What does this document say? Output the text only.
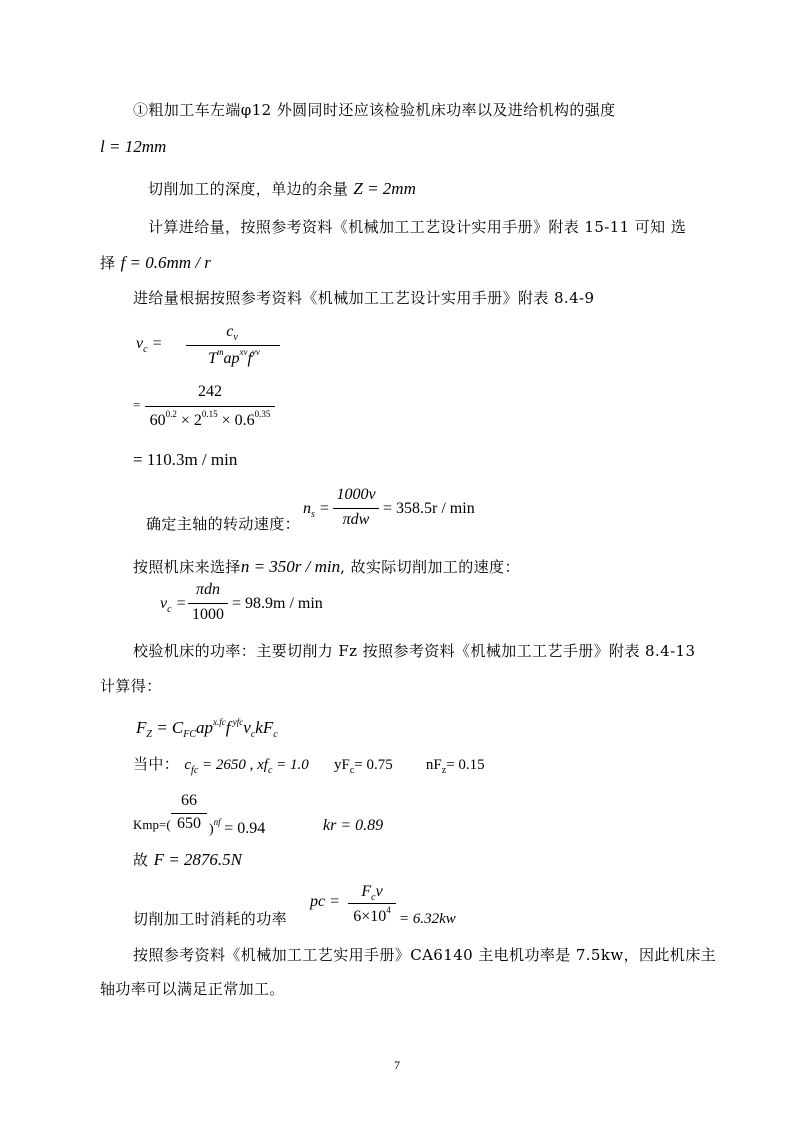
①粗加工车左端φ12 外圆同时还应该检验机床功率以及进给机构的强度
l = 12mm
切削加工的深度，单边的余量 Z = 2mm
计算进给量，按照参考资料《机械加工工艺设计实用手册》附表 15-11 可知 选
择 f = 0.6mm / r
进给量根据按照参考资料《机械加工工艺设计实用手册》附表 8.4-9
$v_c$ =
$c_v$
$T^map^{xv}f^{yv}$
=
242
$60^{0.2} \times 2^{0.15} \times 0.6^{0.35}$
= 110.3m / min
确定主轴的转动速度：
$n_s$ =
1000v
πdw
= 358.5r / min
按照机床来选择n = 350r / min, 故实际切削加工的速度：
$v_c$ =
πdn
1000
= 98.9m / min
校验机床的功率：主要切削力 Fz 按照参考资料《机械加工工艺手册》附表 8.4-13
计算得：
$F_Z = C_{FC}ap^{x.fc}f$ $^{yfc}v_ckF_c$
当中： $c_{fc} = 2650$ , $xf_c = 1.0$ $yF_c= 0.75$ $nF_z= 0.15$
Kmp=(
66
650 )$^{nf}$ = 0.94	kr = 0.89
故 F = 2876.5N
切削加工时消耗的功率
pc =
$F_cv$
$6\times 10^4$
= 6.32kw
按照参考资料《机械加工工艺实用手册》CA6140 主电机功率是 7.5kw，因此机床主
轴功率可以满足正常加工。
7
